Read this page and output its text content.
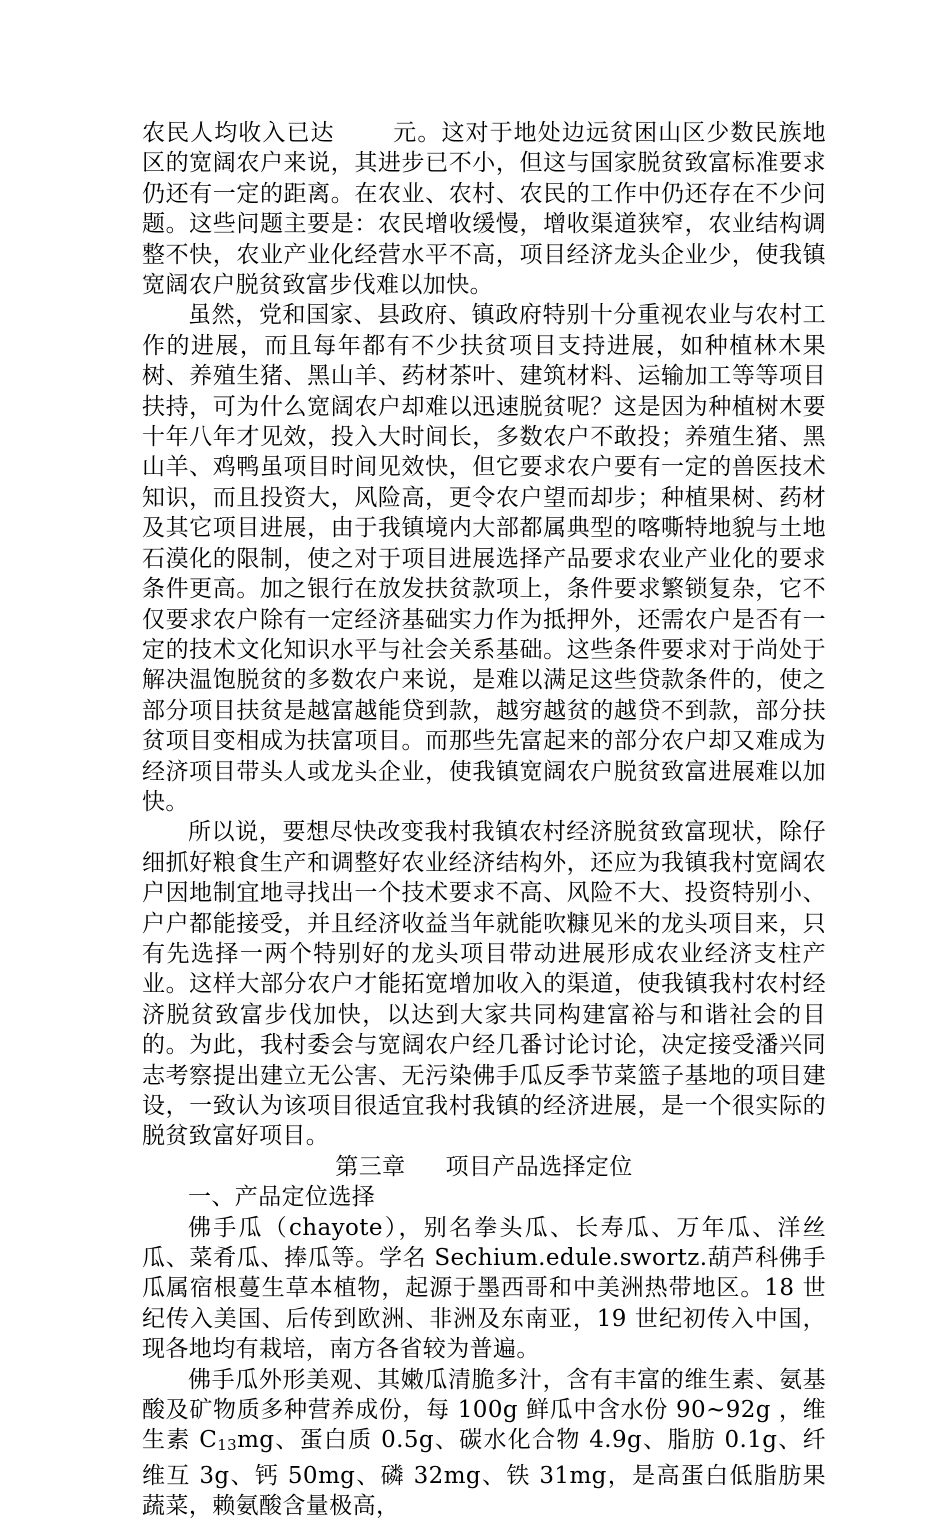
农民人均收入已达	元。这对于地处边远贫困山区少数民族地区的宽阔农户来说，其进步已不小，但这与国家脱贫致富标准要求仍还有一定的距离。在农业、农村、农民的工作中仍还存在不少问题。这些问题主要是：农民增收缓慢，增收渠道狭窄，农业结构调整不快，农业产业化经营水平不高，项目经济龙头企业少，使我镇宽阔农户脱贫致富步伐难以加快。

虽然，党和国家、县政府、镇政府特别十分重视农业与农村工作的进展，而且每年都有不少扶贫项目支持进展，如种植林木果树、养殖生猪、黑山羊、药材茶叶、建筑材料、运输加工等等项目扶持，可为什么宽阔农户却难以迅速脱贫呢？这是因为种植树木要十年八年才见效，投入大时间长，多数农户不敢投；养殖生猪、黑山羊、鸡鸭虽项目时间见效快，但它要求农户要有一定的兽医技术知识，而且投资大，风险高，更令农户望而却步；种植果树、药材及其它项目进展，由于我镇境内大部都属典型的喀嘶特地貌与土地石漠化的限制，使之对于项目进展选择产品要求农业产业化的要求条件更高。加之银行在放发扶贫款项上，条件要求繁锁复杂，它不仅要求农户除有一定经济基础实力作为抵押外，还需农户是否有一定的技术文化知识水平与社会关系基础。这些条件要求对于尚处于解决温饱脱贫的多数农户来说，是难以满足这些贷款条件的，使之部分项目扶贫是越富越能贷到款，越穷越贫的越贷不到款，部分扶贫项目变相成为扶富项目。而那些先富起来的部分农户却又难成为经济项目带头人或龙头企业，使我镇宽阔农户脱贫致富进展难以加快。

所以说，要想尽快改变我村我镇农村经济脱贫致富现状，除仔细抓好粮食生产和调整好农业经济结构外，还应为我镇我村宽阔农户因地制宜地寻找出一个技术要求不高、风险不大、投资特别小、户户都能接受，并且经济收益当年就能吹糠见米的龙头项目来，只有先选择一两个特别好的龙头项目带动进展形成农业经济支柱产业。这样大部分农户才能拓宽增加收入的渠道，使我镇我村农村经济脱贫致富步伐加快，以达到大家共同构建富裕与和谐社会的目的。为此，我村委会与宽阔农户经几番讨论讨论，决定接受潘兴同志考察提出建立无公害、无污染佛手瓜反季节菜篮子基地的项目建设，一致认为该项目很适宜我村我镇的经济进展，是一个很实际的脱贫致富好项目。

第三章 项目产品选择定位

一、产品定位选择

佛手瓜（chayote），别名拳头瓜、长寿瓜、万年瓜、洋丝瓜、菜肴瓜、捧瓜等。学名 Sechium.edule.swortz.葫芦科佛手瓜属宿根蔓生草本植物，起源于墨西哥和中美洲热带地区。18 世纪传入美国、后传到欧洲、非洲及东南亚，19 世纪初传入中国，现各地均有栽培，南方各省较为普遍。

佛手瓜外形美观、其嫩瓜清脆多汁，含有丰富的维生素、氨基酸及矿物质多种营养成份，每 100g 鲜瓜中含水份 90~92g ，维生素 $C_{13}mg$、蛋白质 0.5g、碳水化合物 4.9g、脂肪 0.1g、纤维互 3g、钙 50mg、磷 32mg、铁 31mg，是高蛋白低脂肪果蔬菜，赖氨酸含量极高，
